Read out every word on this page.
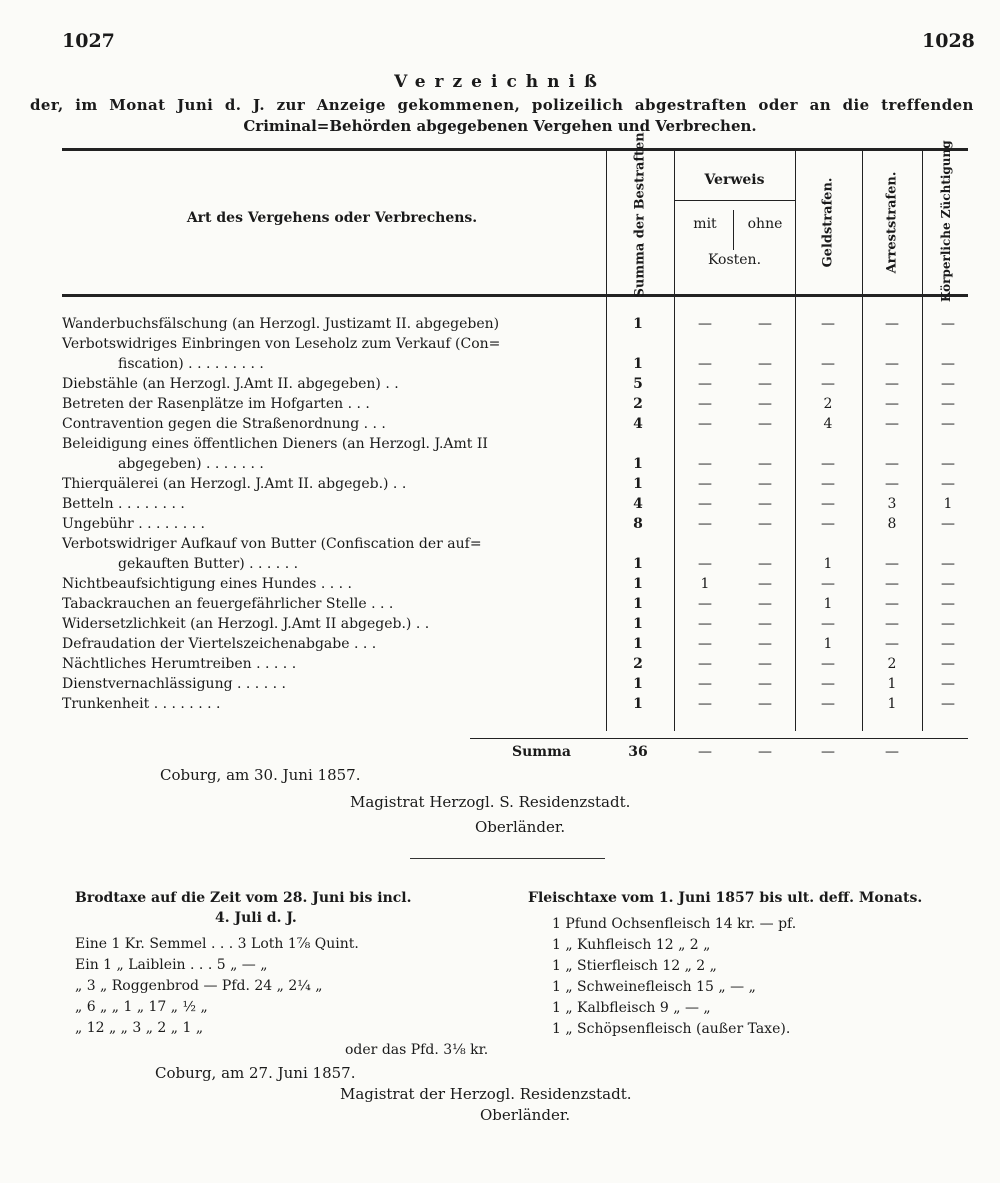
1027	1028
Verzeichniß
der, im Monat Juni d. J. zur Anzeige gekommenen, polizeilich abgestraften oder an die treffenden
Criminal=Behörden abgegebenen Vergehen und Verbrechen.
Art des Vergehens oder Verbrechens.	Summa der Bestraften.	Verweis
mit	ohne
Kosten.	Geldstrafen.	Arreststrafen.	Körperliche Züchtigung
Wanderbuchsfälschung (an Herzogl. Justizamt II. abgegeben)	1	—	—	—	—	—
Verbotswidriges Einbringen von Leseholz zum Verkauf (Con=
fiscation) . . . . . . . . .	1	—	—	—	—	—
Diebstähle (an Herzogl. J.Amt II. abgegeben) . .	5	—	—	—	—	—
Betreten der Rasenplätze im Hofgarten . . .	2	—	—	2	—	—
Contravention gegen die Straßenordnung . . .	4	—	—	4	—	—
Beleidigung eines öffentlichen Dieners (an Herzogl. J.Amt II
abgegeben) . . . . . . .	1	—	—	—	—	—
Thierquälerei (an Herzogl. J.Amt II. abgegeb.) . .	1	—	—	—	—	—
Betteln . . . . . . . .	4	—	—	—	3	1
Ungebühr . . . . . . . .	8	—	—	—	8	—
Verbotswidriger Aufkauf von Butter (Confiscation der auf=
gekauften Butter) . . . . . .	1	—	—	1	—	—
Nichtbeaufsichtigung eines Hundes . . . .	1	1	—	—	—	—
Tabackrauchen an feuergefährlicher Stelle . . .	1	—	—	1	—	—
Widersetzlichkeit (an Herzogl. J.Amt II abgegeb.) . .	1	—	—	—	—	—
Defraudation der Viertelszeichenabgabe . . .	1	—	—	1	—	—
Nächtliches Herumtreiben . . . . .	2	—	—	—	2	—
Dienstvernachlässigung . . . . . .	1	—	—	—	1	—
Trunkenheit . . . . . . . .	1	—	—	—	1	—
Summa	36	—	—	—	—
Coburg, am 30. Juni 1857.
Magistrat Herzogl. S. Residenzstadt.
Oberländer.
Brodtaxe auf die Zeit vom 28. Juni bis incl.
4. Juli d. J.
Eine 1 Kr. Semmel . . . 3 Loth 1⅞ Quint.
Ein 1 „ Laiblein . . . 5 „ — „
„ 3 „ Roggenbrod — Pfd. 24 „ 2¼ „
„ 6 „ „ 1 „ 17 „ ½ „
„ 12 „ „ 3 „ 2 „ 1 „
oder das Pfd. 3⅛ kr.
Coburg, am 27. Juni 1857.
Magistrat der Herzogl. Residenzstadt.
Oberländer.
Fleischtaxe vom 1. Juni 1857 bis ult. deff. Monats.
1 Pfund Ochsenfleisch 14 kr. — pf.
1 „ Kuhfleisch 12 „ 2 „
1 „ Stierfleisch 12 „ 2 „
1 „ Schweinefleisch 15 „ — „
1 „ Kalbfleisch 9 „ — „
1 „ Schöpsenfleisch (außer Taxe).
